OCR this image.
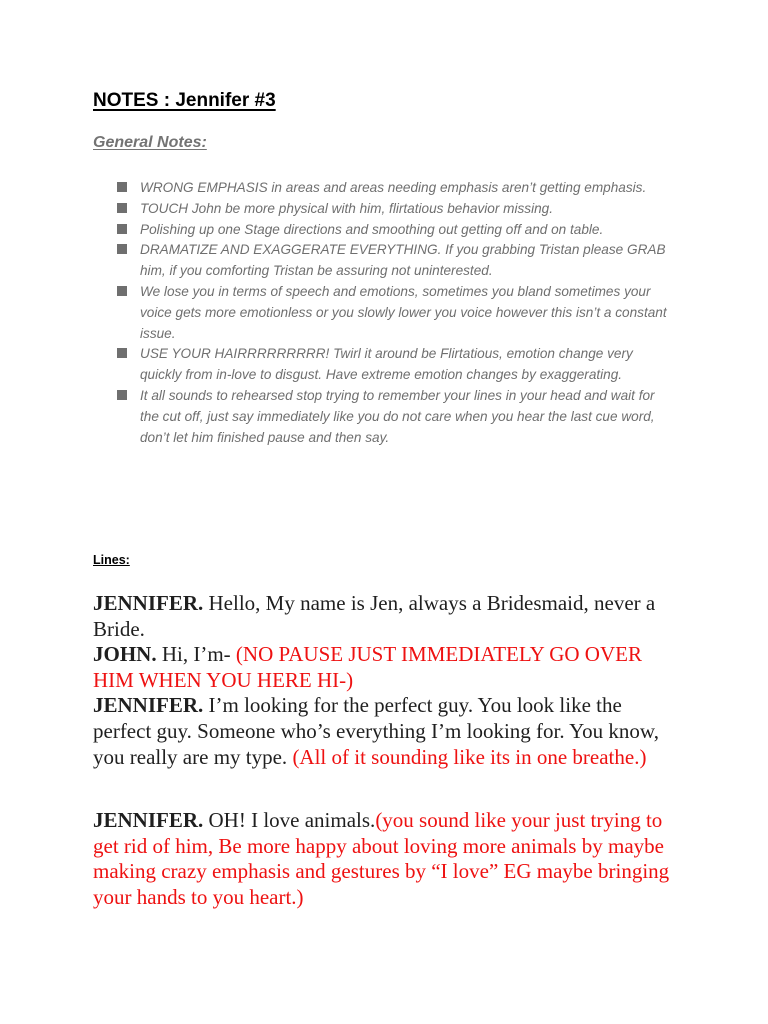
NOTES : Jennifer #3
General Notes:
WRONG EMPHASIS in areas and areas needing emphasis aren’t getting emphasis.
TOUCH John be more physical with him, flirtatious behavior missing.
Polishing up one Stage directions and smoothing out getting off and on table.
DRAMATIZE AND EXAGGERATE EVERYTHING. If you grabbing Tristan please GRAB him, if you comforting Tristan be assuring not uninterested.
We lose you in terms of speech and emotions, sometimes you bland sometimes your voice gets more emotionless or you slowly lower you voice however this isn’t a constant issue.
USE YOUR HAIRRRRRRRRR! Twirl it around be Flirtatious, emotion change very quickly from in-love to disgust. Have extreme emotion changes by exaggerating.
It all sounds to rehearsed stop trying to remember your lines in your head and wait for the cut off, just say immediately like you do not care when you hear the last cue word, don’t let him finished pause and then say.
Lines:
JENNIFER. Hello, My name is Jen, always a Bridesmaid, never a Bride.
JOHN. Hi, I’m- (NO PAUSE JUST IMMEDIATELY GO OVER HIM WHEN YOU HERE HI-)
JENNIFER. I’m looking for the perfect guy. You look like the perfect guy. Someone who’s everything I’m looking for. You know, you really are my type. (All of it sounding like its in one breathe.)
JENNIFER. OH! I love animals.(you sound like your just trying to get rid of him, Be more happy about loving more animals by maybe making crazy emphasis and gestures by “I love” EG maybe bringing your hands to you heart.)
